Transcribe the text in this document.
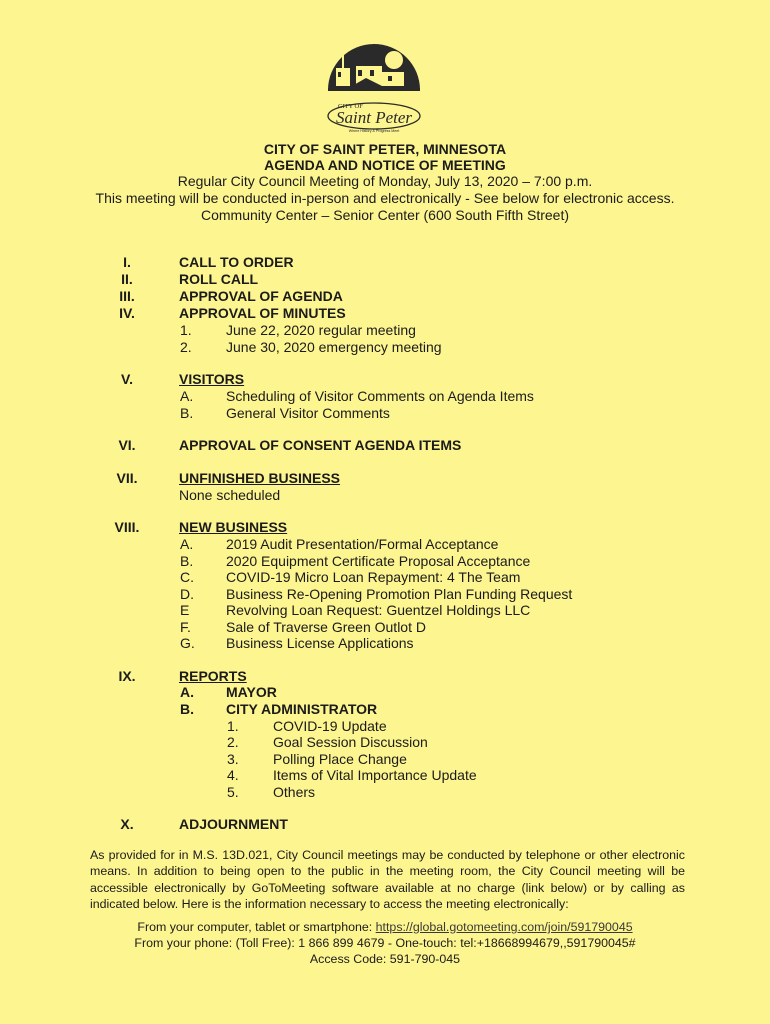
CITY OF
Saint Peter
Where History & Progress Meet
CITY OF SAINT PETER, MINNESOTA
AGENDA AND NOTICE OF MEETING
Regular City Council Meeting of Monday, July 13, 2020 – 7:00 p.m.
This meeting will be conducted in-person and electronically - See below for electronic access.
Community Center – Senior Center (600 South Fifth Street)
I.	CALL TO ORDER
II.	ROLL CALL
III.	APPROVAL OF AGENDA
IV.	APPROVAL OF MINUTES
1. June 22, 2020 regular meeting
2. June 30, 2020 emergency meeting
V.	VISITORS
A. Scheduling of Visitor Comments on Agenda Items
B. General Visitor Comments
VI.	APPROVAL OF CONSENT AGENDA ITEMS
VII.	UNFINISHED BUSINESS
None scheduled
VIII.	NEW BUSINESS
A. 2019 Audit Presentation/Formal Acceptance
B. 2020 Equipment Certificate Proposal Acceptance
C. COVID-19 Micro Loan Repayment: 4 The Team
D. Business Re-Opening Promotion Plan Funding Request
E	Revolving Loan Request: Guentzel Holdings LLC
F.	Sale of Traverse Green Outlot D
G. Business License Applications
IX.	REPORTS
A. MAYOR
B. CITY ADMINISTRATOR
1. COVID-19 Update
2. Goal Session Discussion
3. Polling Place Change
4. Items of Vital Importance Update
5. Others
X.	ADJOURNMENT
As provided for in M.S. 13D.021, City Council meetings may be conducted by telephone or other electronic means. In addition to being open to the public in the meeting room, the City Council meeting will be accessible electronically by GoToMeeting software available at no charge (link below) or by calling as indicated below. Here is the information necessary to access the meeting electronically:
From your computer, tablet or smartphone: https://global.gotomeeting.com/join/591790045
From your phone: (Toll Free): 1 866 899 4679 - One-touch: tel:+18668994679,,591790045#
Access Code: 591-790-045
